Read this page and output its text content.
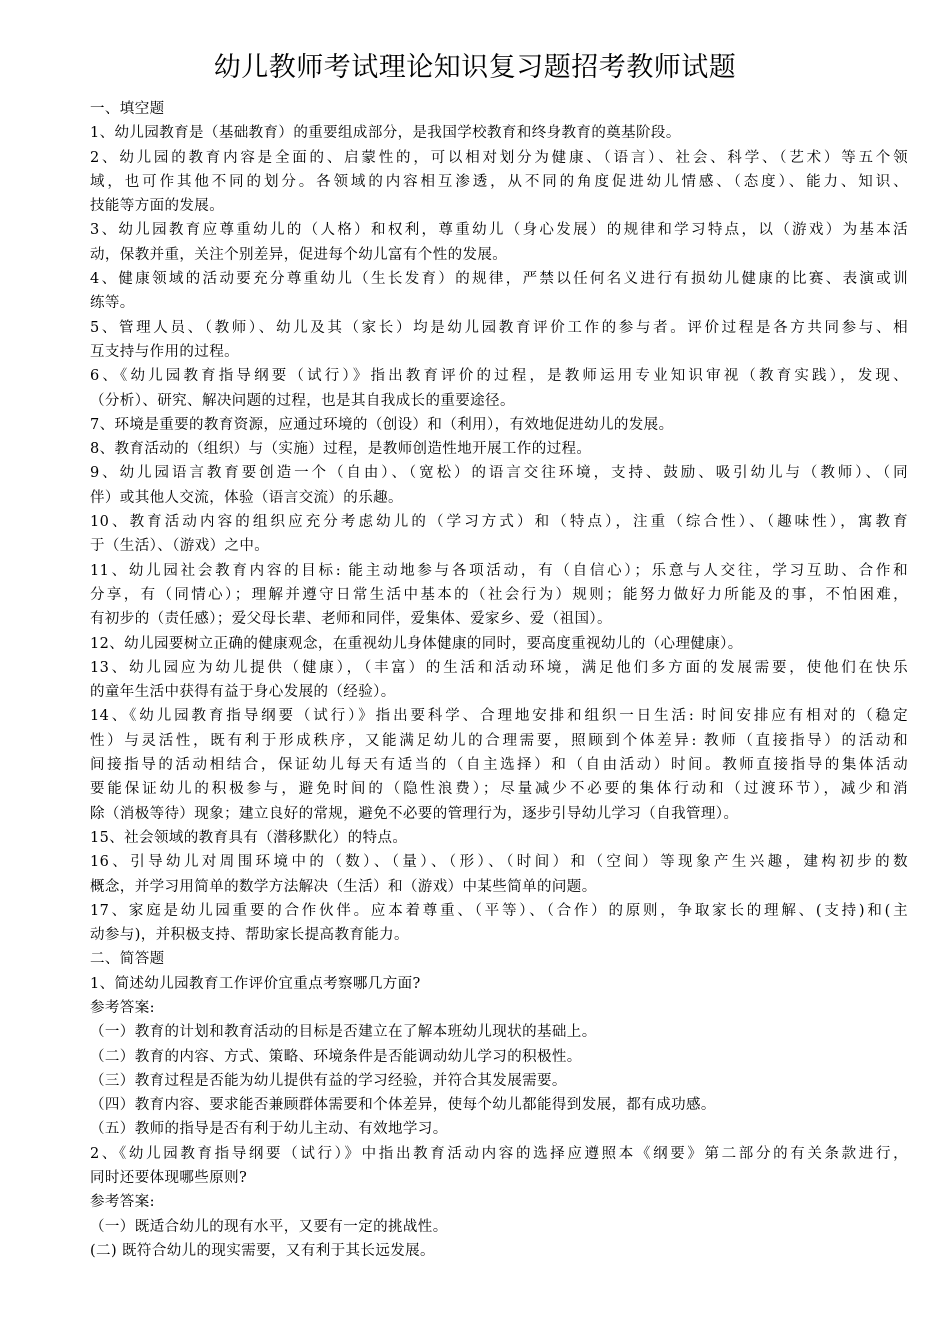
幼儿教师考试理论知识复习题招考教师试题
一、填空题
1、幼儿园教育是（基础教育）的重要组成部分，是我国学校教育和终身教育的奠基阶段。
2、幼儿园的教育内容是全面的、启蒙性的，可以相对划分为健康、（语言）、社会、科学、（艺术）等五个领
域，也可作其他不同的划分。各领域的内容相互渗透，从不同的角度促进幼儿情感、（态度）、能力、知识、
技能等方面的发展。
3、幼儿园教育应尊重幼儿的（人格）和权利，尊重幼儿（身心发展）的规律和学习特点，以（游戏）为基本活
动，保教并重，关注个别差异，促进每个幼儿富有个性的发展。
4、健康领域的活动要充分尊重幼儿（生长发育）的规律，严禁以任何名义进行有损幼儿健康的比赛、表演或训
练等。
5、管理人员、（教师）、幼儿及其（家长）均是幼儿园教育评价工作的参与者。评价过程是各方共同参与、相
互支持与作用的过程。
6、《幼儿园教育指导纲要（试行）》指出教育评价的过程，是教师运用专业知识审视（教育实践），发现、
（分析）、研究、解决问题的过程，也是其自我成长的重要途径。
7、环境是重要的教育资源，应通过环境的（创设）和（利用），有效地促进幼儿的发展。
8、教育活动的（组织）与（实施）过程，是教师创造性地开展工作的过程。
9、幼儿园语言教育要创造一个（自由）、（宽松）的语言交往环境，支持、鼓励、吸引幼儿与（教师）、（同
伴）或其他人交流，体验（语言交流）的乐趣。
10、教育活动内容的组织应充分考虑幼儿的（学习方式）和（特点），注重（综合性）、（趣味性），寓教育
于（生活）、（游戏）之中。
11、幼儿园社会教育内容的目标: 能主动地参与各项活动，有（自信心）；乐意与人交往，学习互助、合作和
分享，有（同情心）；理解并遵守日常生活中基本的（社会行为）规则；能努力做好力所能及的事，不怕困难，
有初步的（责任感）；爱父母长辈、老师和同伴，爱集体、爱家乡、爱（祖国）。
12、幼儿园要树立正确的健康观念，在重视幼儿身体健康的同时，要高度重视幼儿的（心理健康）。
13、幼儿园应为幼儿提供（健康），（丰富）的生活和活动环境，满足他们多方面的发展需要，使他们在快乐
的童年生活中获得有益于身心发展的（经验）。
14、《幼儿园教育指导纲要（试行）》指出要科学、合理地安排和组织一日生活: 时间安排应有相对的（稳定
性）与灵活性，既有利于形成秩序，又能满足幼儿的合理需要，照顾到个体差异: 教师（直接指导）的活动和
间接指导的活动相结合，保证幼儿每天有适当的（自主选择）和（自由活动）时间。教师直接指导的集体活动
要能保证幼儿的积极参与，避免时间的（隐性浪费）；尽量减少不必要的集体行动和（过渡环节），减少和消
除（消极等待）现象；建立良好的常规，避免不必要的管理行为，逐步引导幼儿学习（自我管理）。
15、社会领域的教育具有（潜移默化）的特点。
16、引导幼儿对周围环境中的（数）、（量）、（形）、（时间）和（空间）等现象产生兴趣，建构初步的数
概念，并学习用简单的数学方法解决（生活）和（游戏）中某些简单的问题。
17、家庭是幼儿园重要的合作伙伴。应本着尊重、（平等）、（合作）的原则，争取家长的理解、(支持)和(主
动参与)，并积极支持、帮助家长提高教育能力。
二、简答题
1、简述幼儿园教育工作评价宜重点考察哪几方面?
参考答案:
（一）教育的计划和教育活动的目标是否建立在了解本班幼儿现状的基础上。
（二）教育的内容、方式、策略、环境条件是否能调动幼儿学习的积极性。
（三）教育过程是否能为幼儿提供有益的学习经验，并符合其发展需要。
（四）教育内容、要求能否兼顾群体需要和个体差异，使每个幼儿都能得到发展，都有成功感。
（五）教师的指导是否有利于幼儿主动、有效地学习。
2、《幼儿园教育指导纲要（试行）》中指出教育活动内容的选择应遵照本《纲要》第二部分的有关条款进行，
同时还要体现哪些原则?
参考答案:
（一）既适合幼儿的现有水平，又要有一定的挑战性。
(二) 既符合幼儿的现实需要，又有利于其长远发展。
